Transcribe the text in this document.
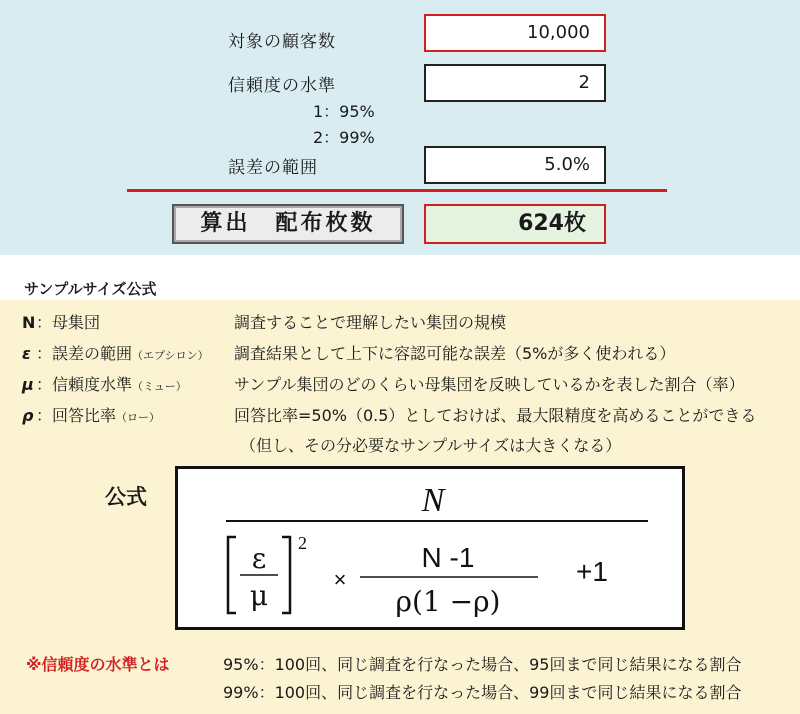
対象の顧客数	10,000
信頼度の水準	2
1：95%
2：99%
誤差の範囲	5.0%
算出　配布枚数	624枚
サンプルサイズ公式
N ：母集団	調査することで理解したい集団の規模
ε ：誤差の範囲（エプシロン） 調査結果として上下に容認可能な誤差（5%が多く使われる）
μ ：信頼度水準（ミュー）	サンプル集団のどのくらい母集団を反映しているかを表した割合（率）
ρ ：回答比率（ロー）	回答比率=50%（0.5）としておけば、最大限精度を高めることができる
（但し、その分必要なサンプルサイズは大きくなる）
公式	N
ε
μ
2
×
N -1
ρ(1 −ρ)
+1
※信頼度の水準とは	95%：100回、同じ調査を行なった場合、95回まで同じ結果になる割合
99%：100回、同じ調査を行なった場合、99回まで同じ結果になる割合
